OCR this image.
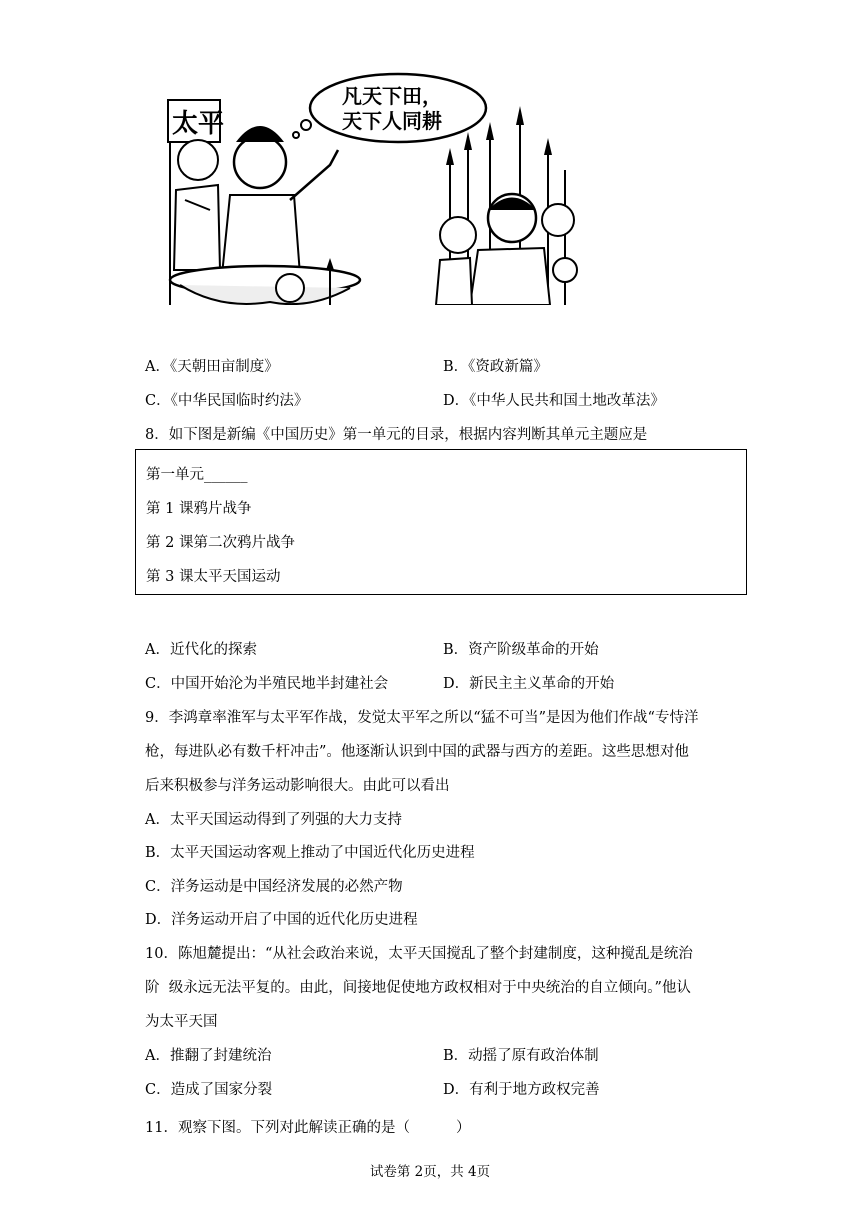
太平
凡天下田，
天下人同耕
A．《天朝田亩制度》	B．《资政新篇》
C．《中华民国临时约法》	D．《中华人民共和国土地改革法》
8．如下图是新编《中国历史》第一单元的目录，根据内容判断其单元主题应是
第一单元______
第 1 课鸦片战争
第 2 课第二次鸦片战争
第 3 课太平天国运动
A．近代化的探索	B．资产阶级革命的开始
C．中国开始沦为半殖民地半封建社会	D．新民主主义革命的开始
9．李鸿章率淮军与太平军作战，发觉太平军之所以“猛不可当”是因为他们作战“专恃洋
枪，每进队必有数千杆冲击”。他逐渐认识到中国的武器与西方的差距。这些思想对他
后来积极参与洋务运动影响很大。由此可以看出
A．太平天国运动得到了列强的大力支持
B．太平天国运动客观上推动了中国近代化历史进程
C．洋务运动是中国经济发展的必然产物
D．洋务运动开启了中国的近代化历史进程
10．陈旭麓提出：“从社会政治来说，太平天国搅乱了整个封建制度，这种搅乱是统治
阶  级永远无法平复的。由此，间接地促使地方政权相对于中央统治的自立倾向。”他认
为太平天国
A．推翻了封建统治	B．动摇了原有政治体制
C．造成了国家分裂	D．有利于地方政权完善
11．观察下图。下列对此解读正确的是（          ）
试卷第 2页，共 4页
